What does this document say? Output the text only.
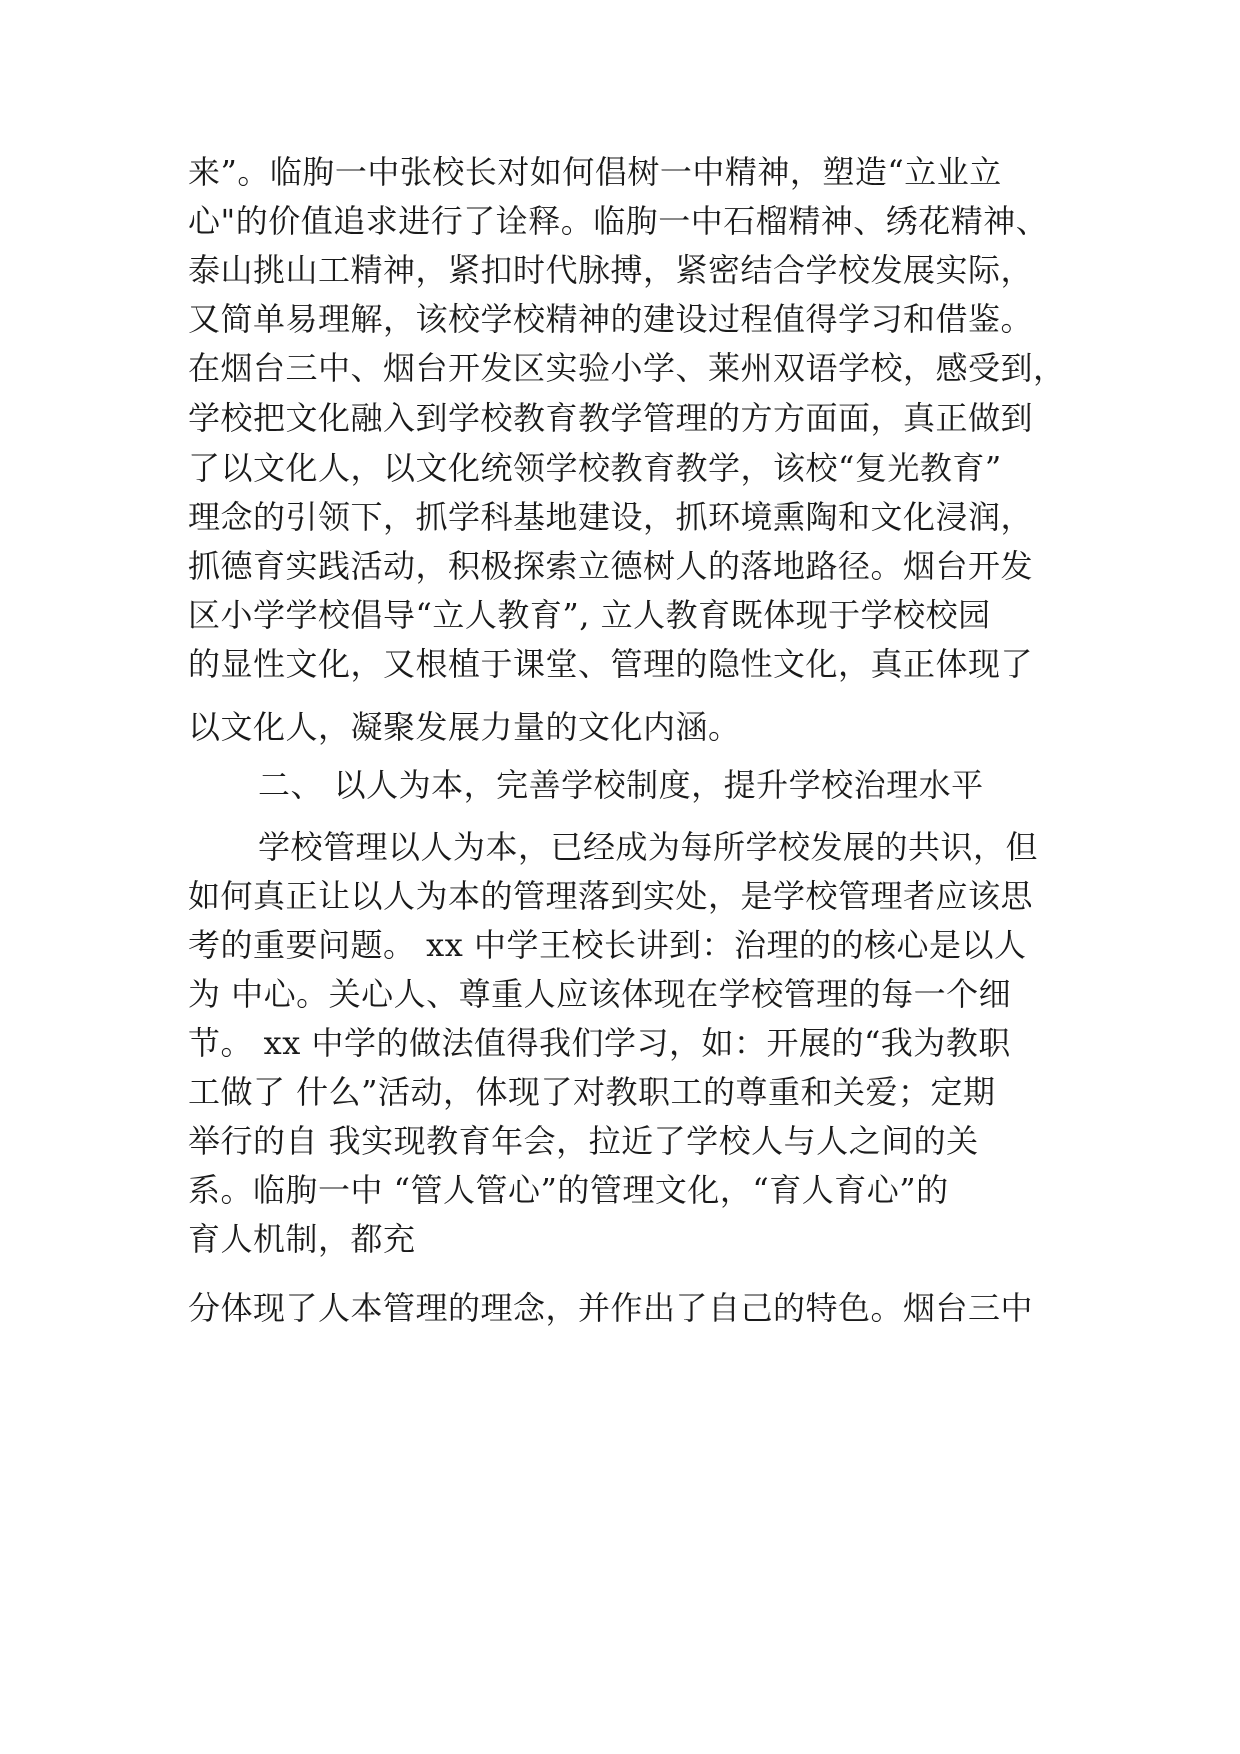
来”。临朐一中张校长对如何倡树一中精神，塑造“立业立
心"的价值追求进行了诠释。临朐一中石榴精神、绣花精神、
泰山挑山工精神，紧扣时代脉搏，紧密结合学校发展实际，
又简单易理解，该校学校精神的建设过程值得学习和借鉴。
在烟台三中、烟台开发区实验小学、莱州双语学校，感受到，
学校把文化融入到学校教育教学管理的方方面面，真正做到
了以文化人，以文化统领学校教育教学，该校“复光教育”
理念的引领下，抓学科基地建设，抓环境熏陶和文化浸润，
抓德育实践活动，积极探索立德树人的落地路径。烟台开发
区小学学校倡导“立人教育”, 立人教育既体现于学校校园
的显性文化，又根植于课堂、管理的隐性文化，真正体现了
以文化人，凝聚发展力量的文化内涵。
二、 以人为本，完善学校制度，提升学校治理水平
学校管理以人为本，已经成为每所学校发展的共识，但
如何真正让以人为本的管理落到实处，是学校管理者应该思
考的重要问题。 xx 中学王校长讲到：治理的的核心是以人
为 中心。关心人、尊重人应该体现在学校管理的每一个细
节。 xx 中学的做法值得我们学习，如：开展的“我为教职
工做了 什么”活动，体现了对教职工的尊重和关爱；定期
举行的自 我实现教育年会，拉近了学校人与人之间的关
系。临朐一中 “管人管心”的管理文化，“育人育心”的
育人机制，都充
分体现了人本管理的理念，并作出了自己的特色。烟台三中
